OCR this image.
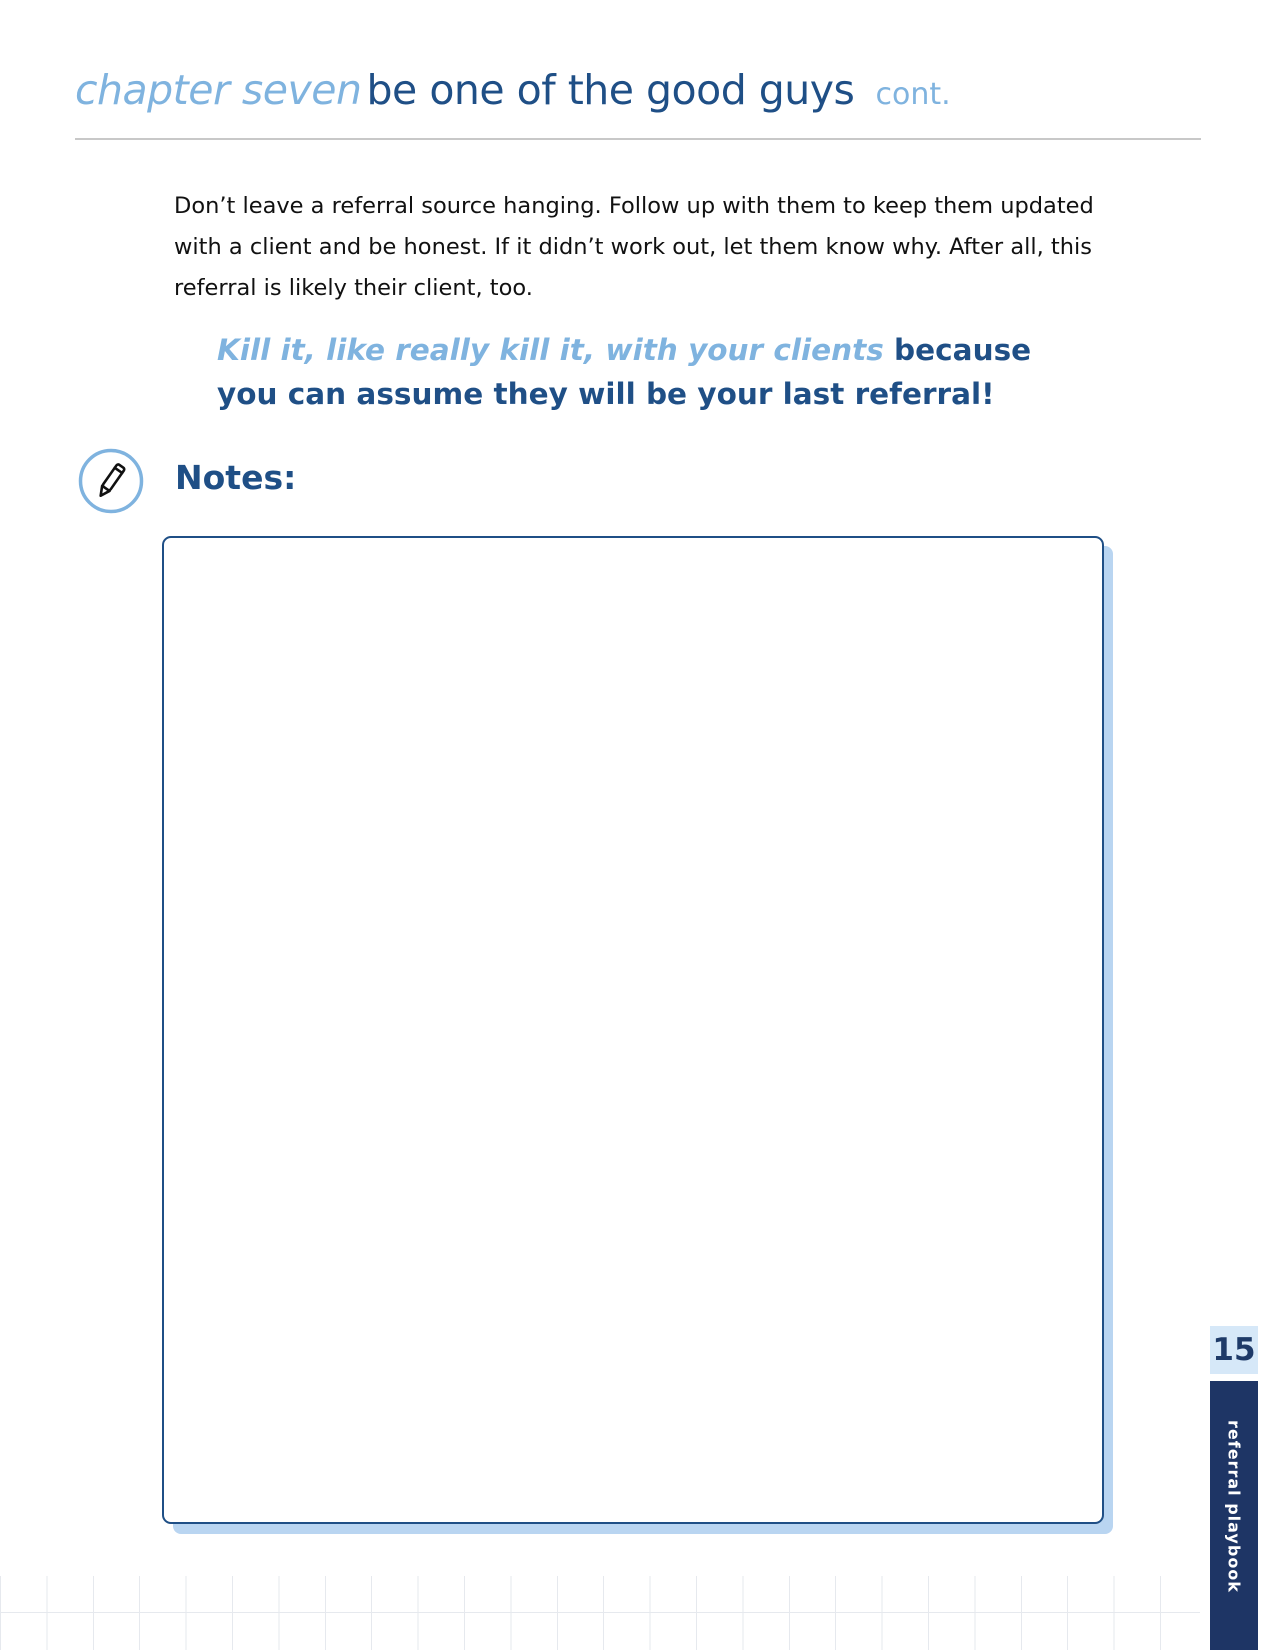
chapter seven be one of the good guys cont.

Don’t leave a referral source hanging. Follow up with them to keep them updated with a client and be honest. If it didn’t work out, let them know why. After all, this referral is likely their client, too.

Kill it, like really kill it, with your clients because you can assume they will be your last referral!

Notes:
15
referral playbook
